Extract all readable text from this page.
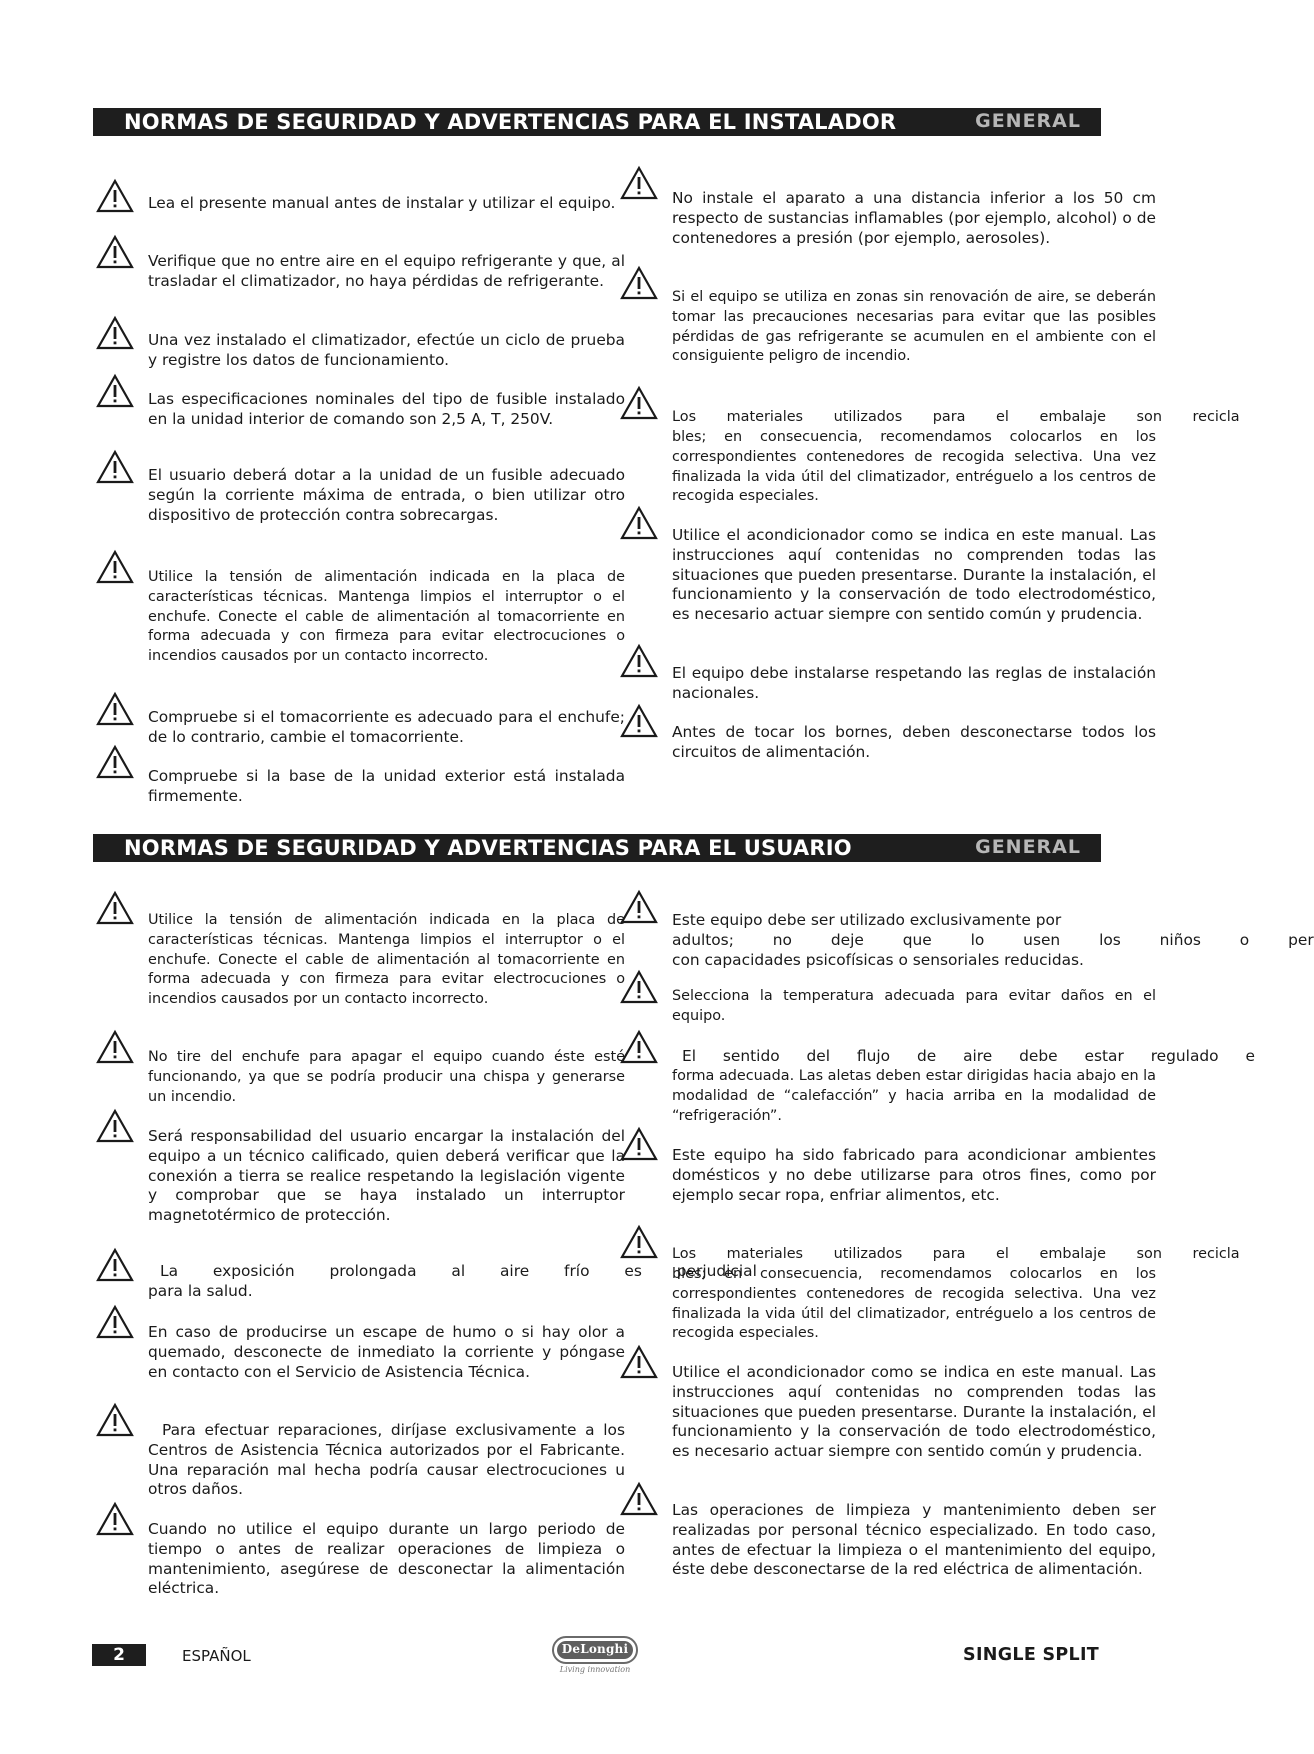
NORMAS DE SEGURIDAD Y ADVERTENCIAS PARA EL INSTALADOR	GENERAL
Lea el presente manual antes de instalar y utilizar el equipo.
Verifique que no entre aire en el equipo refrigerante y que, al trasladar el climatizador, no haya pérdidas de refrigerante.
Una vez instalado el climatizador, efectúe un ciclo de prueba y registre los datos de funcionamiento.
Las especificaciones nominales del tipo de fusible instalado en la unidad interior de comando son 2,5 A, T, 250V.
El usuario deberá dotar a la unidad de un fusible adecuado según la corriente máxima de entrada, o bien utilizar otro dispositivo de protección contra sobrecargas.
Utilice la tensión de alimentación indicada en la placa de características técnicas. Mantenga limpios el interruptor o el enchufe. Conecte el cable de alimentación al tomacorriente en forma adecuada y con firmeza para evitar electrocuciones o incendios causados por un contacto incorrecto.
Compruebe si el tomacorriente es adecuado para el enchufe; de lo contrario, cambie el tomacorriente.
Compruebe si la base de la unidad exterior está instalada firmemente.
No instale el aparato a una distancia inferior a los 50 cm respecto de sustancias inflamables (por ejemplo, alcohol) o de contenedores a presión (por ejemplo, aerosoles).
Si el equipo se utiliza en zonas sin renovación de aire, se deberán tomar las precauciones necesarias para evitar que las posibles pérdidas de gas refrigerante se acumulen en el ambiente con el consiguiente peligro de incendio.
Los materiales utilizados para el embalaje son recicla
bles; en consecuencia, recomendamos colocarlos en los correspondientes contenedores de recogida selectiva. Una vez finalizada la vida útil del climatizador, entréguelo a los centros de recogida especiales.
Utilice el acondicionador como se indica en este manual. Las instrucciones aquí contenidas no comprenden todas las situaciones que pueden presentarse. Durante la instalación, el funcionamiento y la conservación de todo electrodoméstico, es necesario actuar siempre con sentido común y prudencia.
El equipo debe instalarse respetando las reglas de instalación nacionales.
Antes de tocar los bornes, deben desconectarse todos los circuitos de alimentación.
NORMAS DE SEGURIDAD Y ADVERTENCIAS PARA EL USUARIO	GENERAL
Utilice la tensión de alimentación indicada en la placa de características técnicas. Mantenga limpios el interruptor o el enchufe. Conecte el cable de alimentación al tomacorriente en forma adecuada y con firmeza para evitar electrocuciones o incendios causados por un contacto incorrecto.
No tire del enchufe para apagar el equipo cuando éste esté funcionando, ya que se podría producir una chispa y generarse un incendio.
Será responsabilidad del usuario encargar la instalación del equipo a un técnico calificado, quien deberá verificar que la conexión a tierra se realice respetando la legislación vigente y comprobar que se haya instalado un interruptor magnetotérmico de protección.
La exposición prolongada al aire frío es perjudicial
para la salud.
En caso de producirse un escape de humo o si hay olor a quemado, desconecte de inmediato la corriente y póngase en contacto con el Servicio de Asistencia Técnica.
Para efectuar reparaciones, diríjase exclusivamente a los Centros de Asistencia Técnica autorizados por el Fabricante. Una reparación mal hecha podría causar electrocuciones u otros daños.
Cuando no utilice el equipo durante un largo periodo de tiempo o antes de realizar operaciones de limpieza o mantenimiento, asegúrese de desconectar la alimentación eléctrica.
Este equipo debe ser utilizado exclusivamente por
adultos; no deje que lo usen los niños o per
con capacidades psicofísicas o sensoriales reducidas.
Selecciona la temperatura adecuada para evitar daños en el equipo.
El sentido del flujo de aire debe estar regulado e
forma adecuada. Las aletas deben estar dirigidas hacia abajo en la modalidad de “calefacción” y hacia arriba en la modalidad de “refrigeración”.
Este equipo ha sido fabricado para acondicionar ambientes domésticos y no debe utilizarse para otros fines, como por ejemplo secar ropa, enfriar alimentos, etc.
Los materiales utilizados para el embalaje son recicla
bles; en consecuencia, recomendamos colocarlos en los correspondientes contenedores de recogida selectiva. Una vez finalizada la vida útil del climatizador, entréguelo a los centros de recogida especiales.
Utilice el acondicionador como se indica en este manual. Las instrucciones aquí contenidas no comprenden todas las situaciones que pueden presentarse. Durante la instalación, el funcionamiento y la conservación de todo electrodoméstico, es necesario actuar siempre con sentido común y prudencia.
Las operaciones de limpieza y mantenimiento deben ser realizadas por personal técnico especializado. En todo caso, antes de efectuar la limpieza o el mantenimiento del equipo, éste debe desconectarse de la red eléctrica de alimentación.
2	ESPAÑOL	DeLonghi
Living innovation
SINGLE SPLIT
